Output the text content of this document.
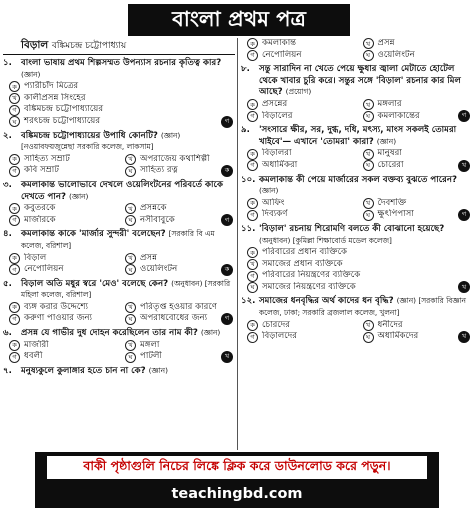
বাংলা প্রথম পত্র
বিড়াল বঙ্কিমচন্দ্র চট্টোপাধ্যায়
১. বাংলা ভাষায় প্রথম শিল্পসম্মত উপন্যাস রচনার কৃতিত্ব কার? (জ্ঞান)
ক প্যারীচাঁদ মিত্রের
খ কালীপ্রসন্ন সিংহের
গ বঙ্কিমচন্দ্র চট্টোপাধ্যায়ের
ঘ শরৎচন্দ্র চট্টোপাধ্যায়ের	গ
২. বঙ্কিমচন্দ্র চট্টোপাধ্যায়ের উপাধি কোনটি? (জ্ঞান) [নওয়াবফয়জুন্নেছা সরকারি কলেজ, লাকসাম]
ক সাহিত্য সম্রাট	খ অপরাজেয় কথাশিল্পী
গ কবি সম্রাট	ঘ সাহিত্য রত্ন	ক
৩. কমলাকান্ত ভালোভাবে দেখলে ওয়েলিংটনের পরিবর্তে কাকে দেখতে পান? (জ্ঞান)
ক কবুতরকে	খ প্রসন্নকে
গ মার্জারকে	ঘ নসীবাবুকে	গ
৪. কমলাকান্ত কাকে 'মার্জার সুন্দরী' বলেছেন? [সরকারি বি এম কলেজ, বরিশাল]
ক বিড়াল	খ প্রসন্ন
গ নেপোলিয়ন	ঘ ওয়েলিংটন	ক
৫. বিড়াল অতি মধুর স্বরে 'মেও' বলেছে কেন? (অনুধাবন) [সরকারি মহিলা কলেজ, বরিশাল]
ক ব্যঙ্গ করার উদ্দেশ্যে	খ পরিতৃপ্ত হওয়ার কারণে
গ করুণা পাওয়ার জন্য	ঘ অপরাধবোধের জন্য	গ
৬. প্রসন্ন যে গাভীর দুধ দোহন করেছিলেন তার নাম কী? (জ্ঞান)
ক মার্জারী	খ মঙ্গলা
গ ধবলী	ঘ পাটলী	খ
৭. মনুষ্যকুলে কুলাঙ্গার হতে চান না কে? (জ্ঞান)
ক কমলাকান্ত	খ প্রসন্ন
গ নেপোলিয়ন	ঘ ওয়েলিংটন
৮. সন্তু সারাদিন না খেতে পেয়ে ক্ষুধার জ্বালা মেটাতে হোটেল থেকে খাবার চুরি করে। সন্তুর সঙ্গে 'বিড়াল' রচনার কার মিল আছে? (প্রয়োগ)
ক প্রসন্নের	খ মঙ্গলার
গ বিড়ালের	ঘ কমলাকান্তের	গ
৯. 'সংসারে ক্ষীর, সর, দুগ্ধ, দধি, মৎস্য, মাংস সকলই তোমরা খাইবে'— এখানে 'তোমরা' কারা? (জ্ঞান)
ক বিড়ালরা	খ মানুষরা
গ অধার্মিকরা	ঘ চোরেরা	খ
১০. কমলাকান্ত কী পেয়ে মার্জারের সকল বক্তব্য বুঝতে পারেন? (জ্ঞান)
ক আফিং	খ দৈবশক্তি
গ দিব্যকর্ণ	ঘ ক্ষুৎপিপাসা	গ
১১. 'বিড়াল' রচনায় শিরোমণি বলতে কী বোঝানো হয়েছে? (অনুধাবন) [কুমিল্লা শিক্ষাবোর্ড মডেল কলেজ]
ক পরিবারের প্রধান ব্যক্তিকে
খ সমাজের প্রধান ব্যক্তিকে
গ পরিবারের নিয়ন্ত্রণের ব্যক্তিকে
ঘ সমাজের নিয়ন্ত্রণের ব্যক্তিকে	খ
১২. সমাজের ধনবৃদ্ধির অর্থ কাদের ধন বৃদ্ধি? (জ্ঞান) [সরকারি বিজ্ঞান কলেজ, ঢাকা; সরকারি ব্রজলাল কলেজ, খুলনা]
ক চোরদের	খ ধনীদের
গ বিড়ালদের	ঘ অধার্মিকদের	খ
বাকী পৃষ্ঠাগুলি নিচের লিঙ্কে ক্লিক করে ডাউনলোড করে পড়ুন।
teachingbd.com
